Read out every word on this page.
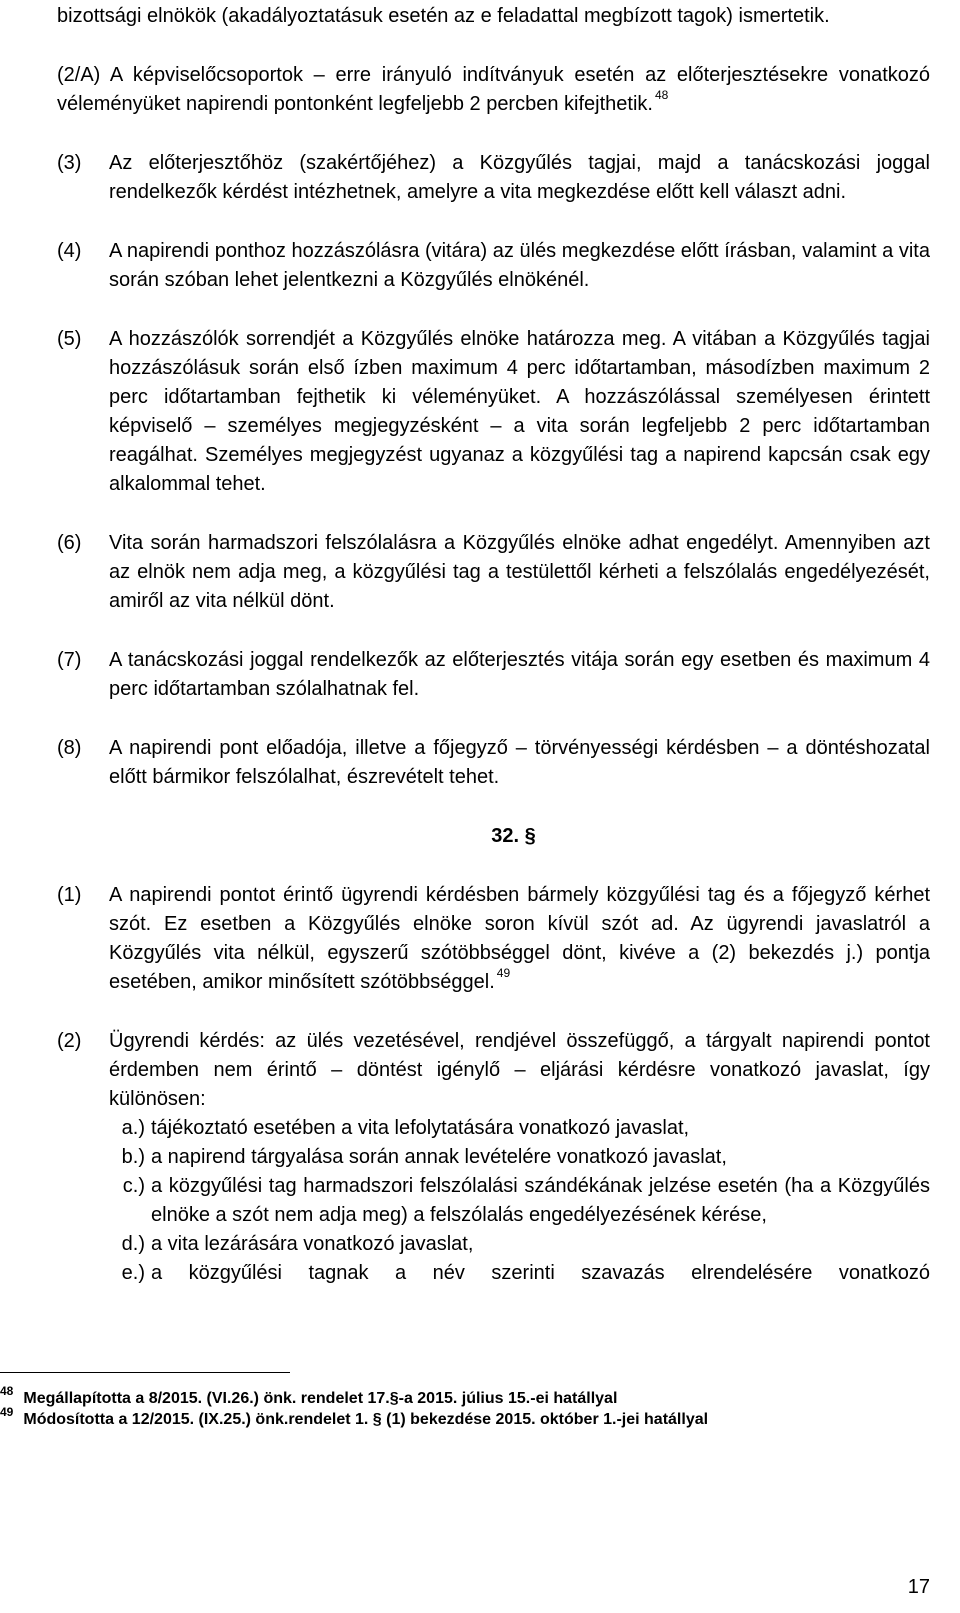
bizottsági elnökök (akadályoztatásuk esetén az e feladattal megbízott tagok) ismertetik.

(2/A) A képviselőcsoportok – erre irányuló indítványuk esetén az előterjesztésekre vonatkozó véleményüket napirendi pontonként legfeljebb 2 percben kifejthetik. $^{48}$

(3)	Az előterjesztőhöz (szakértőjéhez) a Közgyűlés tagjai, majd a tanácskozási joggal rendelkezők kérdést intézhetnek, amelyre a vita megkezdése előtt kell választ adni.
(4)	A napirendi ponthoz hozzászólásra (vitára) az ülés megkezdése előtt írásban, valamint a vita során szóban lehet jelentkezni a Közgyűlés elnökénél.
(5)	A hozzászólók sorrendjét a Közgyűlés elnöke határozza meg. A vitában a Közgyűlés tagjai hozzászólásuk során első ízben maximum 4 perc időtartamban, másodízben maximum 2 perc időtartamban fejthetik ki véleményüket. A hozzászólással személyesen érintett képviselő – személyes megjegyzésként – a vita során legfeljebb 2 perc időtartamban reagálhat. Személyes megjegyzést ugyanaz a közgyűlési tag a napirend kapcsán csak egy alkalommal tehet.
(6)	Vita során harmadszori felszólalásra a Közgyűlés elnöke adhat engedélyt. Amennyiben azt az elnök nem adja meg, a közgyűlési tag a testülettől kérheti a felszólalás engedélyezését, amiről az vita nélkül dönt.
(7)	A tanácskozási joggal rendelkezők az előterjesztés vitája során egy esetben és maximum 4 perc időtartamban szólalhatnak fel.
(8)	A napirendi pont előadója, illetve a főjegyző – törvényességi kérdésben – a döntéshozatal előtt bármikor felszólalhat, észrevételt tehet.
32. §
(1)	A napirendi pontot érintő ügyrendi kérdésben bármely közgyűlési tag és a főjegyző kérhet szót. Ez esetben a Közgyűlés elnöke soron kívül szót ad. Az ügyrendi javaslatról a Közgyűlés vita nélkül, egyszerű szótöbbséggel dönt, kivéve a (2) bekezdés j.) pontja esetében, amikor minősített szótöbbséggel. $^{49}$
(2)	Ügyrendi kérdés: az ülés vezetésével, rendjével összefüggő, a tárgyalt napirendi pontot érdemben nem érintő – döntést igénylő – eljárási kérdésre vonatkozó javaslat, így különösen:
a.) tájékoztató esetében a vita lefolytatására vonatkozó javaslat,
b.) a napirend tárgyalása során annak levételére vonatkozó javaslat,
c.) a közgyűlési tag harmadszori felszólalási szándékának jelzése esetén (ha a Közgyűlés elnöke a szót nem adja meg) a felszólalás engedélyezésének kérése,
d.) a vita lezárására vonatkozó javaslat,
e.) a közgyűlési tagnak a név szerinti szavazás elrendelésére vonatkozó
$^{48}$ Megállapította a 8/2015. (VI.26.) önk. rendelet 17.§-a 2015. július 15.-ei hatállyal
$^{49}$ Módosította a 12/2015. (IX.25.) önk.rendelet 1. § (1) bekezdése 2015. október 1.-jei hatállyal
17
